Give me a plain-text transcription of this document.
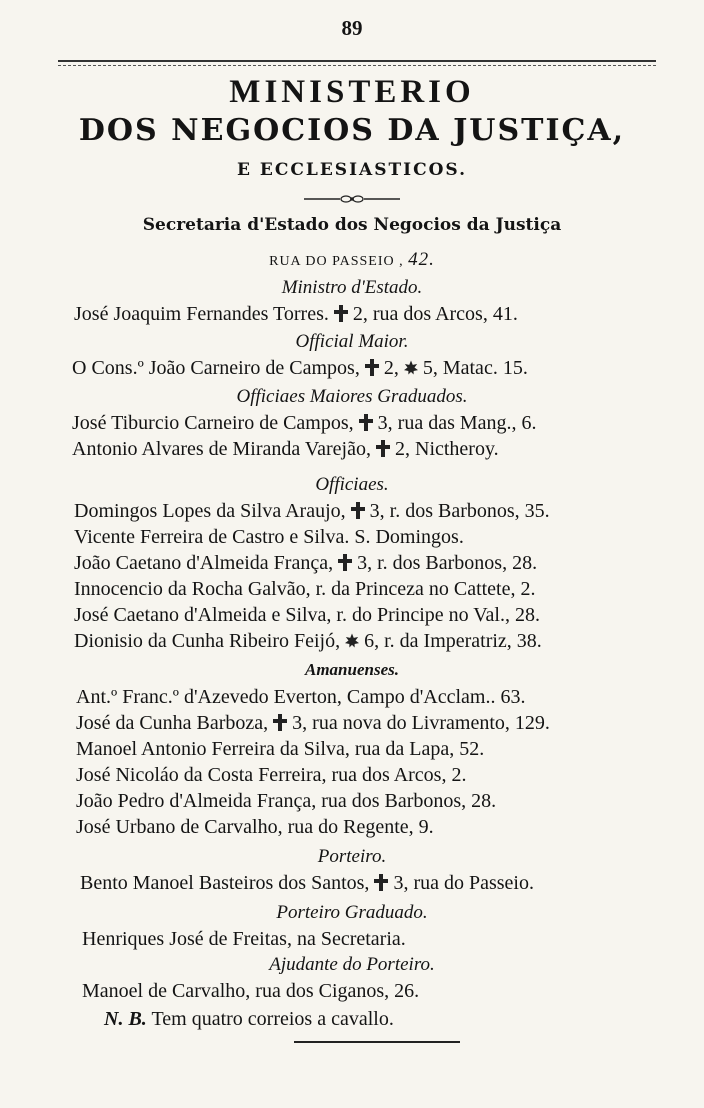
89
MINISTERIO
DOS NEGOCIOS DA JUSTIÇA,
E ECCLESIASTICOS.
Secretaria d'Estado dos Negocios da Justiça
RUA DO PASSEIO , 42.
Ministro d'Estado.
José Joaquim Fernandes Torres. 2, rua dos Arcos, 41.
Official Maior.
O Cons.º João Carneiro de Campos, 2, 5, Matac. 15.
Officiaes Maiores Graduados.
José Tiburcio Carneiro de Campos, 3, rua das Mang., 6.
Antonio Alvares de Miranda Varejão, 2, Nictheroy.
Officiaes.
Domingos Lopes da Silva Araujo, 3, r. dos Barbonos, 35.
Vicente Ferreira de Castro e Silva. S. Domingos.
João Caetano d'Almeida França, 3, r. dos Barbonos, 28.
Innocencio da Rocha Galvão, r. da Princeza no Cattete, 2.
José Caetano d'Almeida e Silva, r. do Principe no Val., 28.
Dionisio da Cunha Ribeiro Feijó, 6, r. da Imperatriz, 38.
Amanuenses.
Ant.º Franc.º d'Azevedo Everton, Campo d'Acclam.. 63.
José da Cunha Barboza, 3, rua nova do Livramento, 129.
Manoel Antonio Ferreira da Silva, rua da Lapa, 52.
José Nicoláo da Costa Ferreira, rua dos Arcos, 2.
João Pedro d'Almeida França, rua dos Barbonos, 28.
José Urbano de Carvalho, rua do Regente, 9.
Porteiro.
Bento Manoel Basteiros dos Santos, 3, rua do Passeio.
Porteiro Graduado.
Henriques José de Freitas, na Secretaria.
Ajudante do Porteiro.
Manoel de Carvalho, rua dos Ciganos, 26.
N. B. Tem quatro correios a cavallo.
